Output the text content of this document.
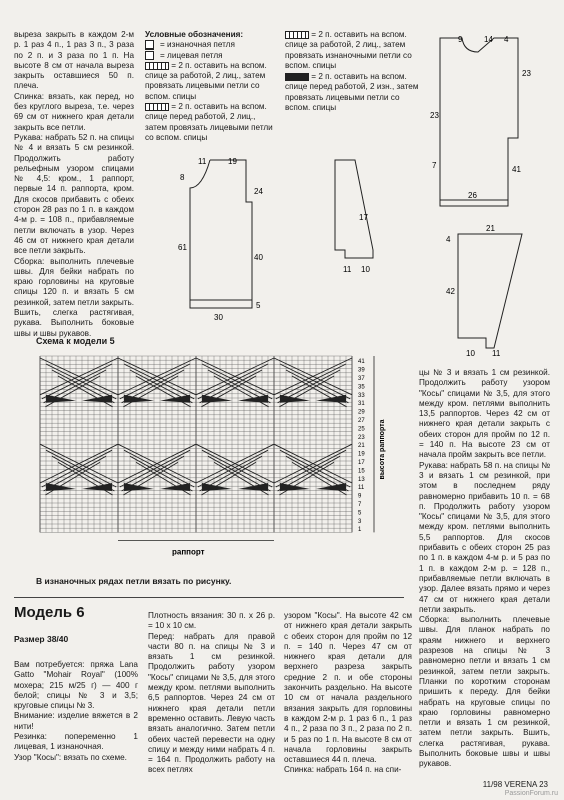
вырезa закрыть в каждом 2-м р. 1 раз 4 п., 1 раз 3 п., 3 раза по 2 п. и 3 раза по 1 п. На высоте 8 см от начала выреза закрыть оставшиеся 50 п. плеча.

Спинка: вязать, как перед, но без круглого выреза, т.е. через 69 см от нижнего края детали закрыть все петли.

Рукава: набрать 52 п. на спицы № 4 и вязать 5 см резинкой. Продолжить работу рельефным узором спицами № 4,5: кром., 1 раппорт, первые 14 п. раппорта, кром. Для скосов прибавить с обеих сторон 28 раз по 1 п. в каждом 4-м р. = 108 п., прибавляемые петли включать в узор. Через 46 см от нижнего края детали все петли закрыть.

Сборка: выполнить плечевые швы. Для бейки набрать по краю горловины на круговые спицы 120 п. и вязать 5 см резинкой, затем петли закрыть. Вшить, слегка растягивая, рукава. Выполнить боковые швы и швы рукавов.

Условные обозначения:
= изнаночная петля
= лицевая петля
= 2 п. оставить на вспом. спице за работой, 2 лиц., затем провязать лицевыми петли со вспом. спицы
= 2 п. оставить на вспом. спице перед работой, 2 лиц., затем провязать лицевыми петли со вспом. спицы
= 2 п. оставить на вспом. спице за работой, 2 лиц., затем провязать изнаночными петли со вспом. спицы
= 2 п. оставить на вспом. спице перед работой, 2 изн., затем провязать лицевыми петли со вспом. спицы
11	19
8
24
61
40
30
5
17
11 10
9	14 4
23
23
41
7
26
21
4
42
10 11
Схема к модели 5
41
39
37
35
33
31
29
27
25
23
21
19
17
15
13
11
9
7
5
3
1
высота раппорта
раппорт
В изнаночных рядах петли вязать по рисунку.

цы № 3 и вязать 1 см резинкой. Продолжить работу узором "Косы" спицами № 3,5, для этого между кром. петлями выполнить 13,5 раппортов. Через 42 см от нижнего края детали закрыть с обеих сторон для пройм по 12 п. = 140 п. На высоте 23 см от начала пройм закрыть все петли.

Рукава: набрать 58 п. на спицы № 3 и вязать 1 см резинкой, при этом в последнем ряду равномерно прибавить 10 п. = 68 п. Продолжить работу узором "Косы" спицами № 3,5, для этого между кром. петлями выполнить 5,5 раппортов. Для скосов прибавить с обеих сторон 25 раз по 1 п. в каждом 4-м р. и 5 раз по 1 п. в каждом 2-м р. = 128 п., прибавляемые петли включать в узор. Далее вязать прямо и через 47 см от нижнего края детали петли закрыть.

Сборка: выполнить плечевые швы. Для планок набрать по краям нижнего и верхнего разрезов на спицы № 3 равномерно петли и вязать 1 см резинкой, затем петли закрыть. Планки по коротким сторонам пришить к переду. Для бейки набрать на круговые спицы по краю горловины равномерно петли и вязать 1 см резинкой, затем петли закрыть. Вшить, слегка растягивая, рукава. Выполнить боковые швы и швы рукавов.

Модель 6
Размер 38/40

Вам потребуется: пряжа Lana Gatto "Mohair Royal" (100% мохера; 215 м/25 г) — 400 г белой; спицы № 3 и 3,5; круговые спицы № 3.

Внимание: изделие вяжется в 2 нити!

Резинка: попеременно 1 лицевая, 1 изнаночная.

Узор "Косы": вязать по схеме.

Плотность вязания: 30 п. x 26 р. = 10 x 10 см.

Перед: набрать для правой части 80 п. на спицы № 3 и вязать 1 см резинкой. Продолжить работу узором "Косы" спицами № 3,5, для этого между кром. петлями выполнить 6,5 раппортов. Через 24 см от нижнего края детали петли временно оставить. Левую часть вязать аналогично. Затем петли обеих частей перевести на одну спицу и между ними набрать 4 п. = 164 п. Продолжить работу на всех петлях

узором "Косы". На высоте 42 см от нижнего края детали закрыть с обеих сторон для пройм по 12 п. = 140 п. Через 47 см от нижнего края детали для верхнего разреза закрыть средние 2 п. и обе стороны закончить раздельно. На высоте 10 см от начала раздельного вязания закрыть для горловины в каждом 2-м р. 1 раз 6 п., 1 раз 4 п., 2 раза по 3 п., 2 раза по 2 п. и 5 раз по 1 п. На высоте 8 см от начала горловины закрыть оставшиеся 44 п. плеча.

Спинка: набрать 164 п. на спи-

11/98 VERENA 23
PassionForum.ru
